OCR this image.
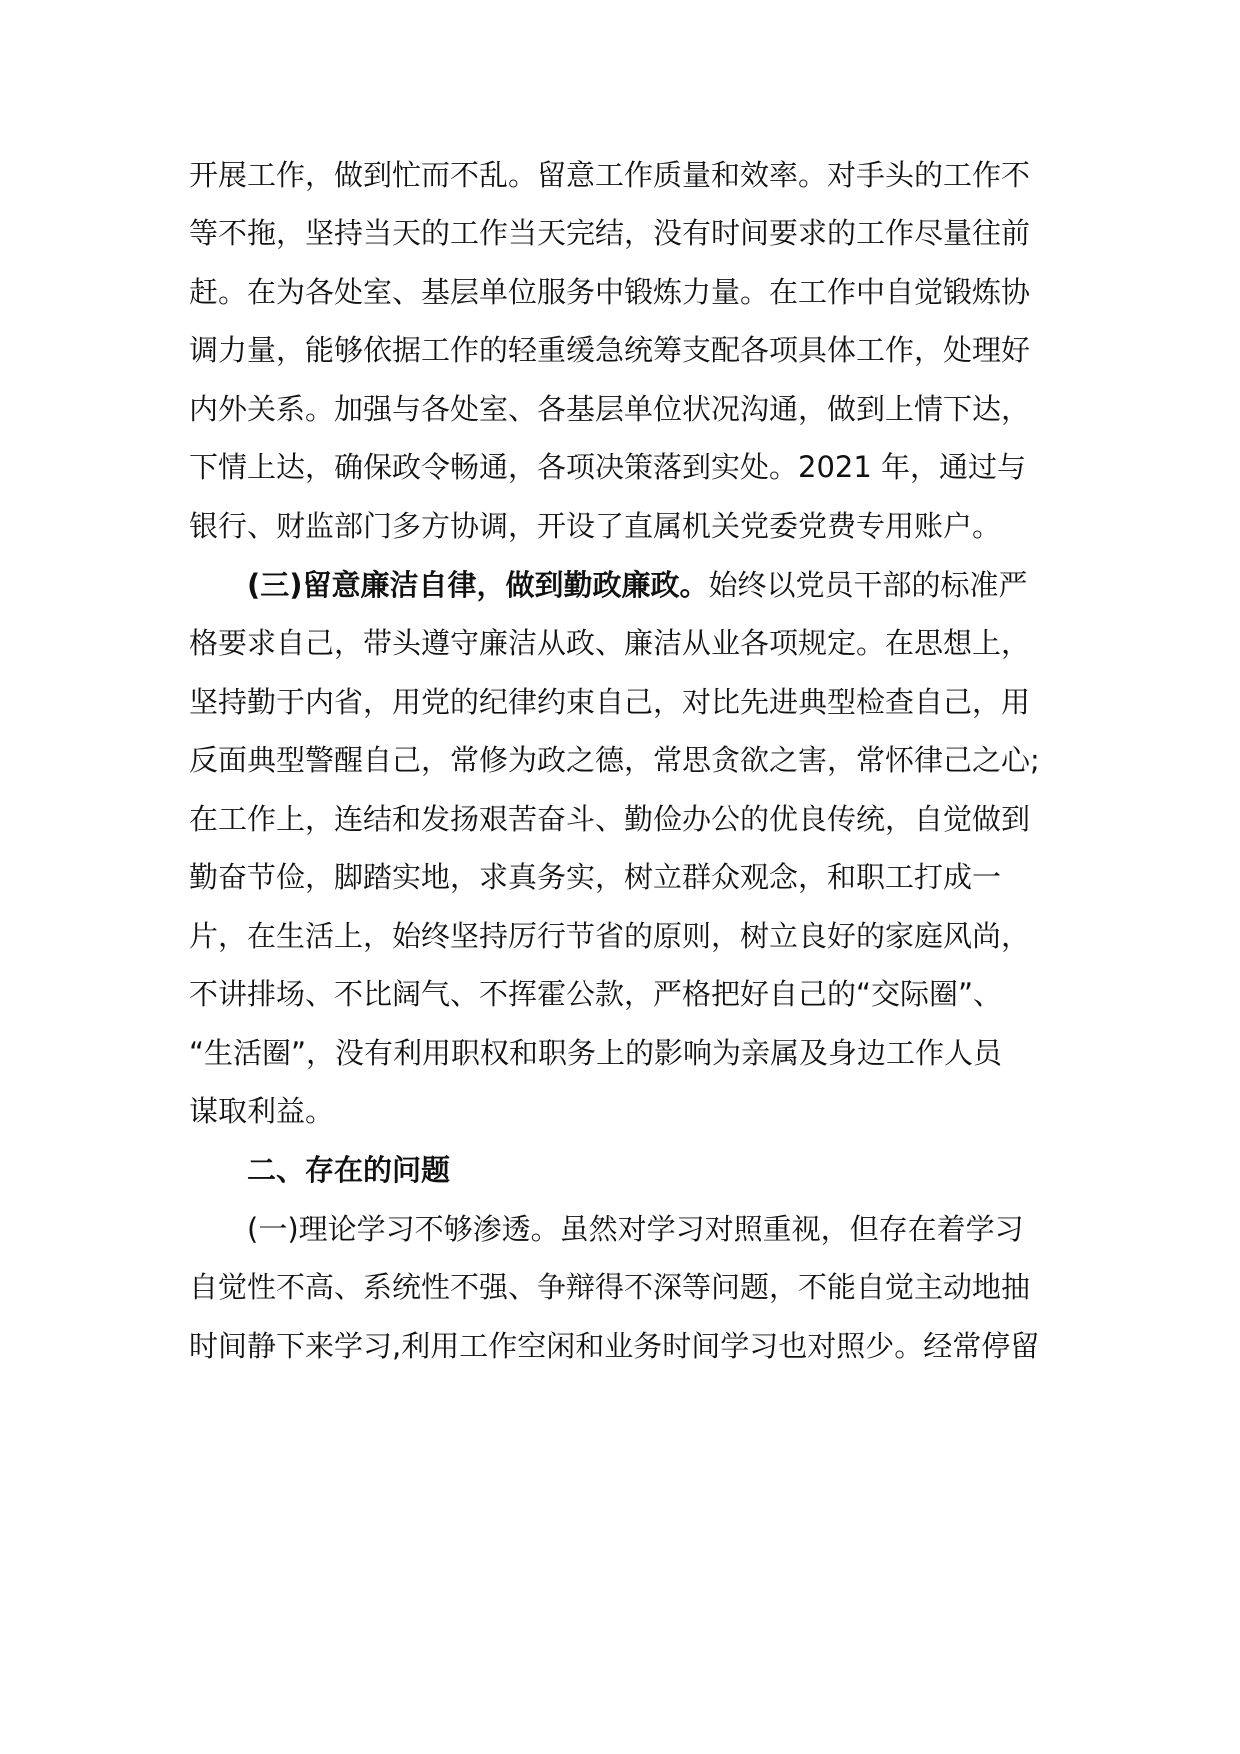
开展工作，做到忙而不乱。留意工作质量和效率。对手头的工作不
等不拖，坚持当天的工作当天完结，没有时间要求的工作尽量往前
赶。在为各处室、基层单位服务中锻炼力量。在工作中自觉锻炼协
调力量，能够依据工作的轻重缓急统筹支配各项具体工作，处理好
内外关系。加强与各处室、各基层单位状况沟通，做到上情下达，
下情上达，确保政令畅通，各项决策落到实处。2021 年，通过与
银行、财监部门多方协调，开设了直属机关党委党费专用账户。
(三)留意廉洁自律，做到勤政廉政。始终以党员干部的标准严
格要求自己，带头遵守廉洁从政、廉洁从业各项规定。在思想上，
坚持勤于内省，用党的纪律约束自己，对比先进典型检查自己，用
反面典型警醒自己，常修为政之德，常思贪欲之害，常怀律己之心;
在工作上，连结和发扬艰苦奋斗、勤俭办公的优良传统，自觉做到
勤奋节俭，脚踏实地，求真务实，树立群众观念，和职工打成一
片，在生活上，始终坚持厉行节省的原则，树立良好的家庭风尚，
不讲排场、不比阔气、不挥霍公款，严格把好自己的“交际圈”、
“生活圈”，没有利用职权和职务上的影响为亲属及身边工作人员
谋取利益。
二、存在的问题
(一)理论学习不够渗透。虽然对学习对照重视，但存在着学习
自觉性不高、系统性不强、争辩得不深等问题，不能自觉主动地抽
时间静下来学习,利用工作空闲和业务时间学习也对照少。经常停留
